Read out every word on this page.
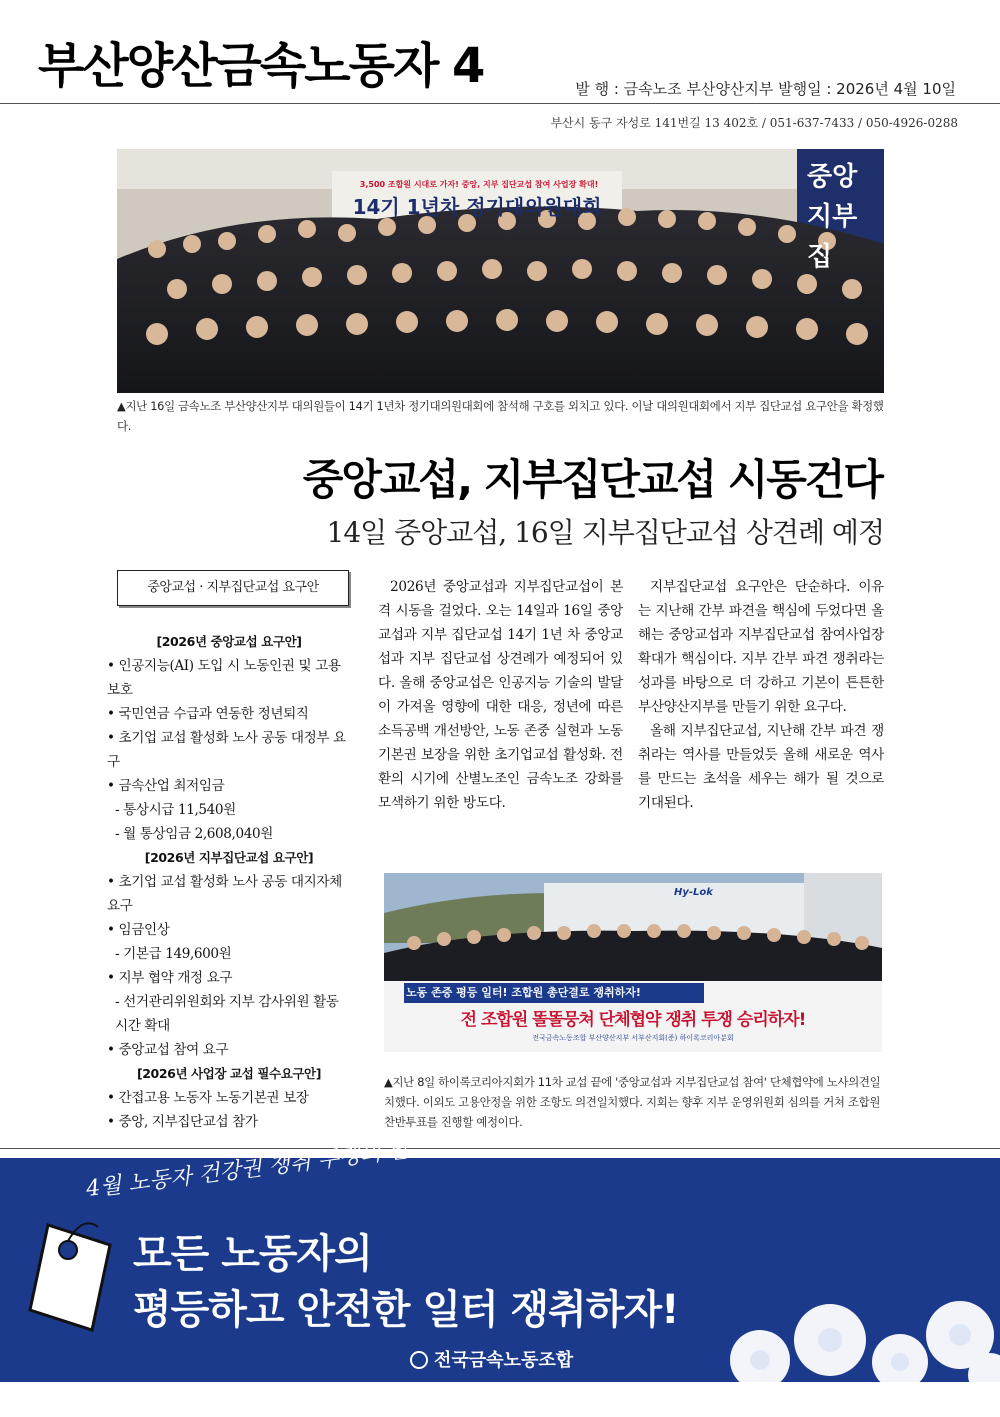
부산양산금속노동자 4	발 행 : 금속노조 부산양산지부 발행일 : 2026년 4월 10일
부산시 동구 자성로 141번길 13 402호 / 051-637-7433 / 050-4926-0288
3,500 조합원 시대로 가자! 중앙, 지부 집단교섭 참여 사업장 확대!
14기 1년차 정기대의원대회
중앙 지부집
▲지난 16일 금속노조 부산양산지부 대의원들이 14기 1년차 정기대의원대회에 참석해 구호를 외치고 있다. 이날 대의원대회에서 지부 집단교섭 요구안을 확정했다.
중앙교섭, 지부집단교섭 시동건다
14일 중앙교섭, 16일 지부집단교섭 상견례 예정
중앙교섭 · 지부집단교섭 요구안
[2026년 중앙교섭 요구안]
• 인공지능(AI) 도입 시 노동인권 및 고용 보호
• 국민연금 수급과 연동한 정년퇴직
• 초기업 교섭 활성화 노사 공동 대정부 요구
• 금속산업 최저임금
- 통상시급 11,540원
- 월 통상임금 2,608,040원
[2026년 지부집단교섭 요구안]
• 초기업 교섭 활성화 노사 공동 대지자체 요구
• 임금인상
- 기본급 149,600원
• 지부 협약 개정 요구
- 선거관리위원회와 지부 감사위원 활동시간 확대
• 중앙교섭 참여 요구
[2026년 사업장 교섭 필수요구안]
• 간접고용 노동자 노동기본권 보장
• 중앙, 지부집단교섭 참가

2026년 중앙교섭과 지부집단교섭이 본격 시동을 걸었다. 오는 14일과 16일 중앙교섭과 지부 집단교섭 14기 1년 차 중앙교섭과 지부 집단교섭 상견례가 예정되어 있다. 올해 중앙교섭은 인공지능 기술의 발달이 가져올 영향에 대한 대응, 정년에 따른 소득공백 개선방안, 노동 존중 실현과 노동기본권 보장을 위한 초기업교섭 활성화. 전환의 시기에 산별노조인 금속노조 강화를 모색하기 위한 방도다.

지부집단교섭 요구안은 단순하다. 이유는 지난해 간부 파견을 핵심에 두었다면 올해는 중앙교섭과 지부집단교섭 참여사업장 확대가 핵심이다. 지부 간부 파견 쟁취라는 성과를 바탕으로 더 강하고 기본이 튼튼한 부산양산지부를 만들기 위한 요구다.

올해 지부집단교섭, 지난해 간부 파견 쟁취라는 역사를 만들었듯 올해 새로운 역사를 만드는 초석을 세우는 해가 될 것으로 기대된다.

Hy-Lok
노동 존중 평등 일터! 조합원 총단결로 쟁취하자!
전 조합원 똘똘뭉쳐 단체협약 쟁취 투쟁 승리하자!
전국금속노동조합 부산양산지부 서부산지회(준) 하이록코리아분회
▲지난 8일 하이록코리아지회가 11차 교섭 끝에 '중앙교섭과 지부집단교섭 참여' 단체협약에 노사의견일치했다. 이외도 고용안정을 위한 조항도 의견일치했다. 지회는 향후 지부 운영위원회 심의를 거쳐 조합원 찬반투표를 진행할 예정이다.
4월 노동자 건강권 쟁취 투쟁의 달
모든 노동자의
평등하고 안전한 일터 쟁취하자!
전국금속노동조합
